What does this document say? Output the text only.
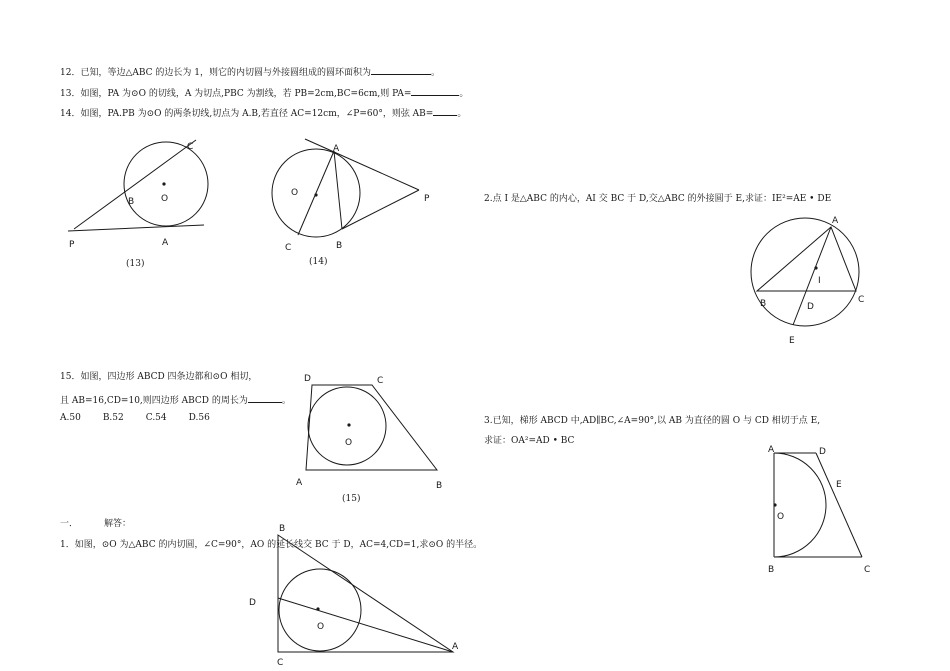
12．已知，等边△ABC 的边长为 1，则它的内切圆与外接圆组成的圆环面积为	。
13．如图，PA 为⊙O 的切线，A 为切点,PBC 为割线，若 PB=2cm,BC=6cm,则 PA=	。
14．如图，PA.PB 为⊙O 的两条切线,切点为 A.B,若直径 AC=12cm，∠P=60°，则弦 AB=	。
15．如图，四边形 ABCD 四条边都和⊙O 相切，
且 AB=16,CD=10,则四边形 ABCD 的周长为	。
A.50 B.52 C.54 D.56
一．	解答：
1．如图，⊙O 为△ABC 的内切圆，∠C=90°，AO 的延长线交 BC 于 D，AC=4,CD=1,求⊙O 的半径。
2.点 I 是△ABC 的内心，AI 交 BC 于 D,交△ABC 的外接圆于 E,求证：IE²=AE • DE
3.已知，梯形 ABCD 中,AD∥BC,∠A=90°,以 AB 为直径的圆 O 与 CD 相切于点 E,
求证：OA²=AD • BC
(13)	(14)
(15)
C
B	O
P	A
A
O
P
C	B
D	C
O
A	B
B
D
O
A
C
A
I
B	D
C
E
A	D
E
O
B	C
